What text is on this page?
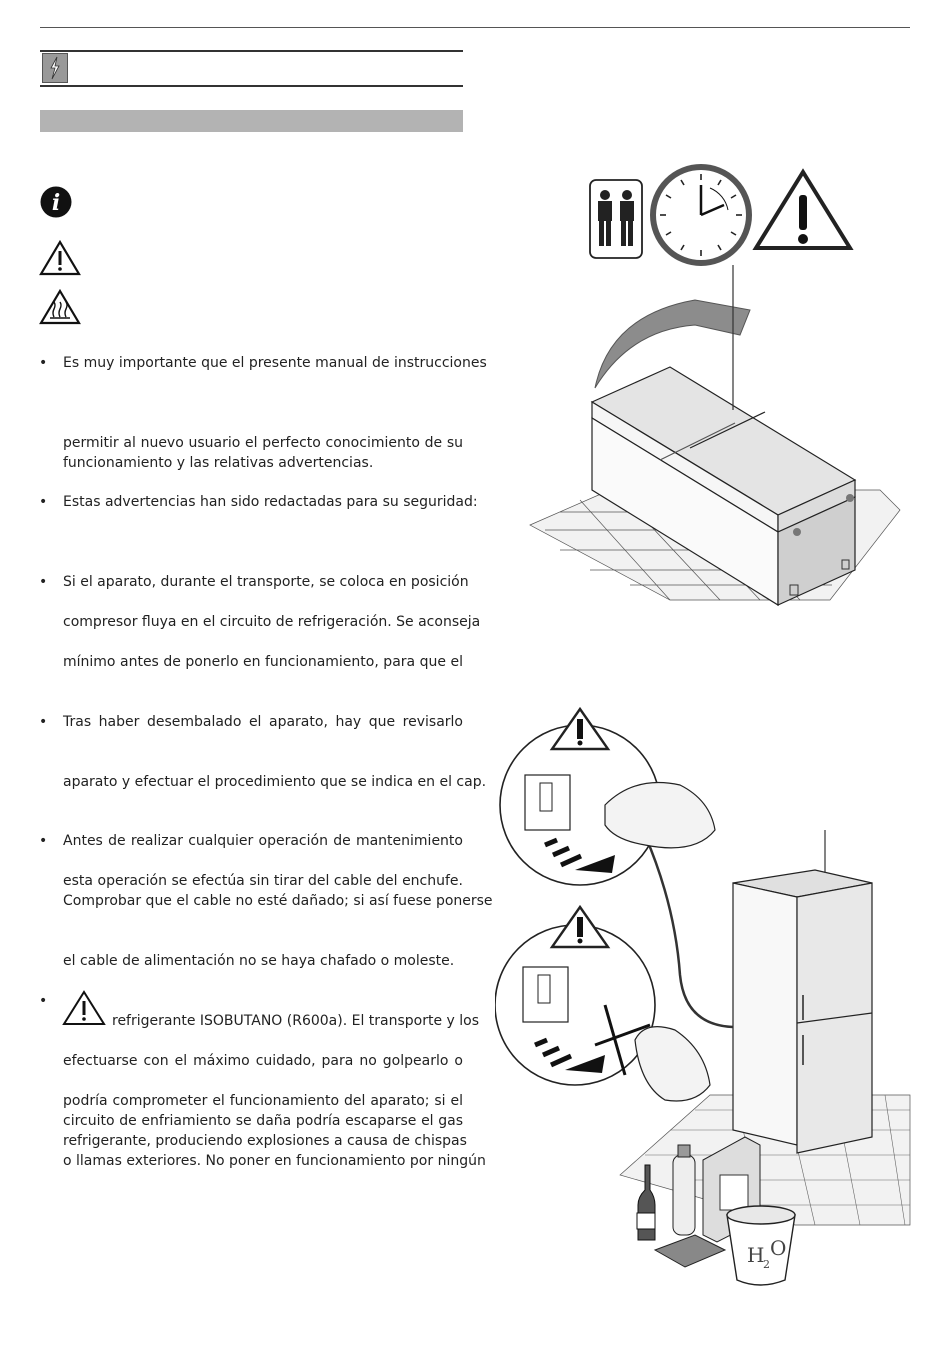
i
• Es muy importante que el presente manual de instrucciones
permitir al nuevo usuario el perfecto conocimiento de su
funcionamiento y las relativas advertencias.
• Estas advertencias han sido redactadas para su seguridad:
• Si el aparato, durante el transporte, se coloca en posición
compresor fluya en el circuito de refrigeración. Se aconseja
mínimo antes de ponerlo en funcionamiento, para que el
• Tras haber desembalado el aparato, hay que revisarlo
aparato y efectuar el procedimiento que se indica en el cap.
• Antes de realizar cualquier operación de mantenimiento
esta operación se efectúa sin tirar del cable del enchufe.
Comprobar que el cable no esté dañado; si así fuese ponerse
el cable de alimentación no se haya chafado o moleste.
•
refrigerante ISOBUTANO (R600a). El transporte y los
efectuarse con el máximo cuidado, para no golpearlo o
podría comprometer el funcionamiento del aparato; si el
circuito de enfriamiento se daña podría escaparse el gas
refrigerante, produciendo explosiones a causa de chispas
o llamas exteriores. No poner en funcionamiento por ningún
H
2
O
